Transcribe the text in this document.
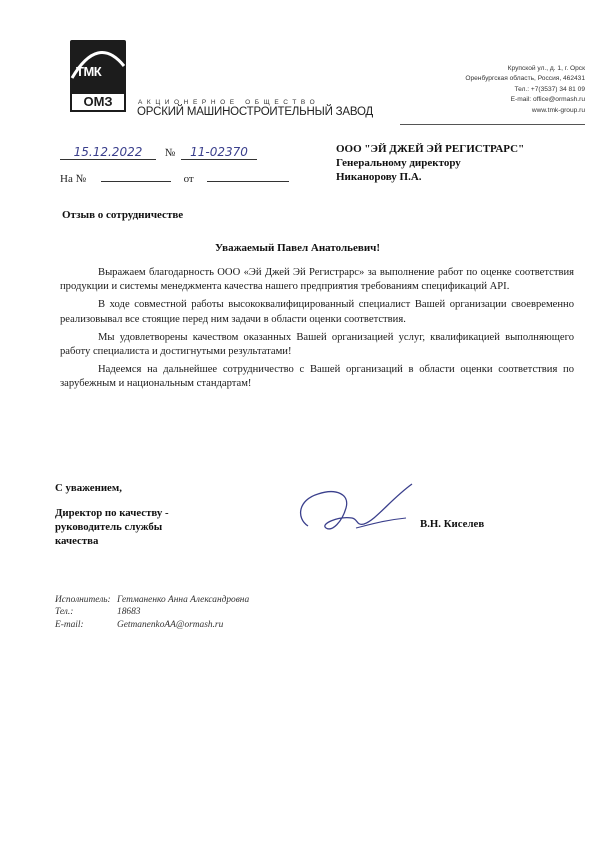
ТМК
ОМЗ	АКЦИОНЕРНОЕ ОБЩЕСТВО
ОРСКИЙ МАШИНОСТРОИТЕЛЬНЫЙ ЗАВОД
Крупской ул., д. 1, г. Орск
Оренбургская область, Россия, 462431
Тел.: +7(3537) 34 81 09
E-mail: office@ormash.ru
www.tmk-group.ru
15.12.2022 № 11-02370
На №	от
ООО "ЭЙ ДЖЕЙ ЭЙ РЕГИСТРАРС"
Генеральному директору
Никанорову П.А.
Отзыв о сотрудничестве
Уважаемый Павел Анатольевич!

Выражаем благодарность ООО «Эй Джей Эй Регистрарс» за выполнение работ по оценке соответствия продукции и системы менеджмента качества нашего предприятия требованиям спецификаций API.

В ходе совместной работы высококвалифицированный специалист Вашей организации своевременно реализовывал все стоящие перед ним задачи в области оценки соответствия.

Мы удовлетворены качеством оказанных Вашей организацией услуг, квалификацией выполняющего работу специалиста и достигнутыми результатами!

Надеемся на дальнейшее сотрудничество с Вашей организаций в области оценки соответствия по зарубежным и национальным стандартам!

С уважением,
Директор по качеству -
руководитель службы
качества
В.Н. Киселев
Исполнитель: Гетманенко Анна Александровна
Тел.:	18683
E-mail:	GetmanenkoAA@ormash.ru
